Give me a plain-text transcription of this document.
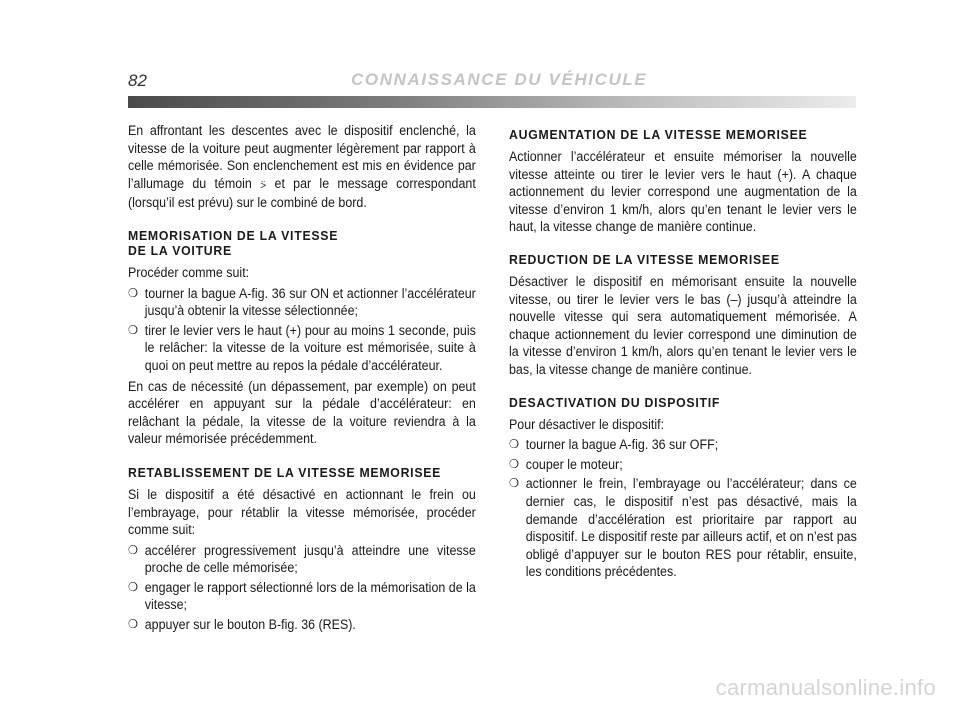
82	CONNAISSANCE DU VÉHICULE

En affrontant les descentes avec le dispositif enclenché, la vitesse de la voiture peut augmenter légèrement par rapport à celle mémorisée. Son enclenchement est mis en évidence par l’allumage du témoin ⍩ et par le message correspondant (lorsqu’il est prévu) sur le combiné de bord.

MEMORISATION DE LA VITESSE
DE LA VOITURE

Procéder comme suit:

❍ tourner la bague A-fig. 36 sur ON et actionner l’accélérateur jusqu’à obtenir la vitesse sélectionnée;
❍ tirer le levier vers le haut (+) pour au moins 1 seconde, puis le relâcher: la vitesse de la voiture est mémorisée, suite à quoi on peut mettre au repos la pédale d’accélérateur.

En cas de nécessité (un dépassement, par exemple) on peut accélérer en appuyant sur la pédale d’accélérateur: en relâchant la pédale, la vitesse de la voiture reviendra à la valeur mémorisée précédemment.

RETABLISSEMENT DE LA VITESSE MEMORISEE

Si le dispositif a été désactivé en actionnant le frein ou l’embrayage, pour rétablir la vitesse mémorisée, procéder comme suit:

❍ accélérer progressivement jusqu’à atteindre une vitesse proche de celle mémorisée;
❍ engager le rapport sélectionné lors de la mémorisation de la vitesse;
❍ appuyer sur le bouton B-fig. 36 (RES).
AUGMENTATION DE LA VITESSE MEMORISEE

Actionner l’accélérateur et ensuite mémoriser la nouvelle vitesse atteinte ou tirer le levier vers le haut (+). A chaque actionnement du levier correspond une augmentation de la vitesse d’environ 1 km/h, alors qu’en tenant le levier vers le haut, la vitesse change de manière continue.

REDUCTION DE LA VITESSE MEMORISEE

Désactiver le dispositif en mémorisant ensuite la nouvelle vitesse, ou tirer le levier vers le bas (–) jusqu’à atteindre la nouvelle vitesse qui sera automatiquement mémorisée. A chaque actionnement du levier correspond une diminution de la vitesse d’environ 1 km/h, alors qu’en tenant le levier vers le bas, la vitesse change de manière continue.

DESACTIVATION DU DISPOSITIF

Pour désactiver le dispositif:

❍ tourner la bague A-fig. 36 sur OFF;
❍ couper le moteur;
❍ actionner le frein, l’embrayage ou l’accélérateur; dans ce dernier cas, le dispositif n’est pas désactivé, mais la demande d’accélération est prioritaire par rapport au dispositif. Le dispositif reste par ailleurs actif, et on n’est pas obligé d’appuyer sur le bouton RES pour rétablir, ensuite, les conditions précédentes.
carmanualsonline.info
